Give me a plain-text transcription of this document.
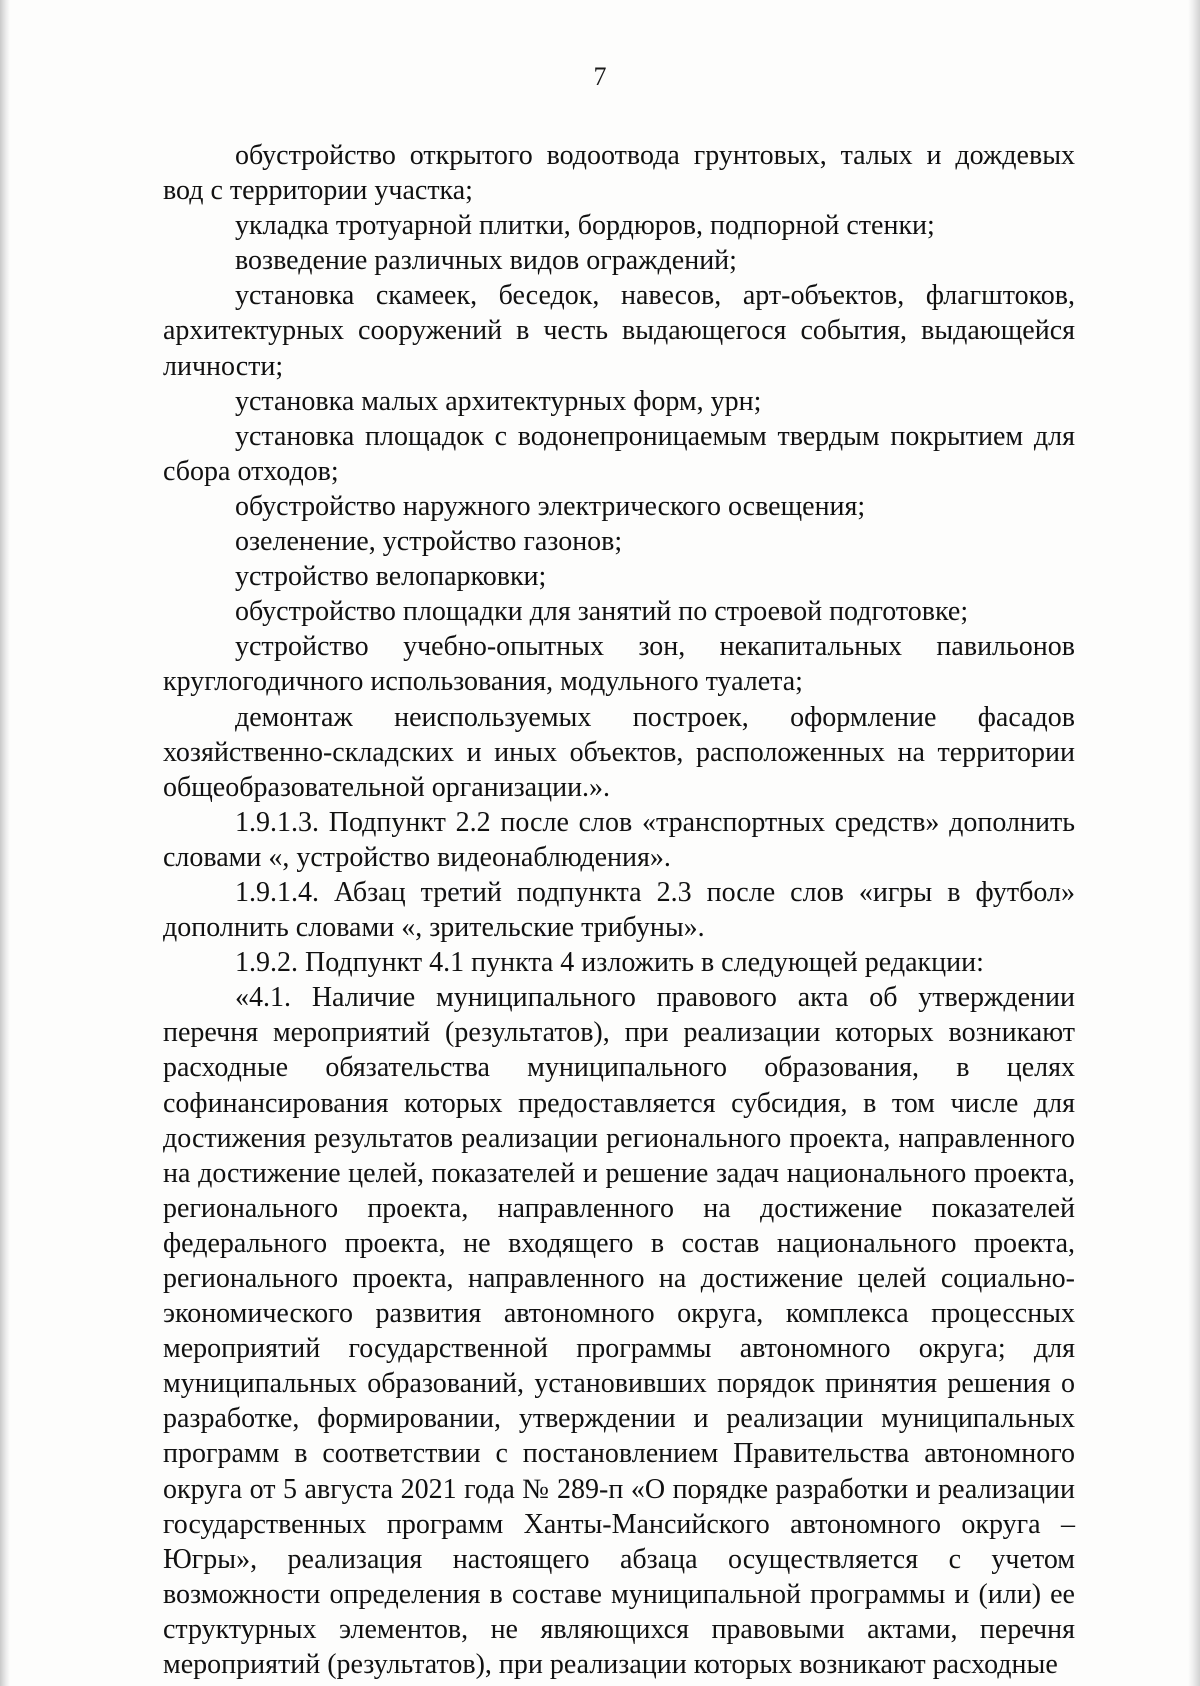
7

обустройство открытого водоотвода грунтовых, талых и дождевых вод с территории участка;

укладка тротуарной плитки, бордюров, подпорной стенки;

возведение различных видов ограждений;

установка скамеек, беседок, навесов, арт-объектов, флагштоков, архитектурных сооружений в честь выдающегося события, выдающейся личности;

установка малых архитектурных форм, урн;

установка площадок с водонепроницаемым твердым покрытием для сбора отходов;

обустройство наружного электрического освещения;

озеленение, устройство газонов;

устройство велопарковки;

обустройство площадки для занятий по строевой подготовке;

устройство учебно-опытных зон, некапитальных павильонов круглогодичного использования, модульного туалета;

демонтаж неиспользуемых построек, оформление фасадов хозяйственно-складских и иных объектов, расположенных на территории общеобразовательной организации.».

1.9.1.3. Подпункт 2.2 после слов «транспортных средств» дополнить словами «, устройство видеонаблюдения».

1.9.1.4. Абзац третий подпункта 2.3 после слов «игры в футбол» дополнить словами «, зрительские трибуны».

1.9.2. Подпункт 4.1 пункта 4 изложить в следующей редакции:

«4.1. Наличие муниципального правового акта об утверждении перечня мероприятий (результатов), при реализации которых возникают расходные обязательства муниципального образования, в целях софинансирования которых предоставляется субсидия, в том числе для достижения результатов реализации регионального проекта, направленного на достижение целей, показателей и решение задач национального проекта, регионального проекта, направленного на достижение показателей федерального проекта, не входящего в состав национального проекта, регионального проекта, направленного на достижение целей социально-экономического развития автономного округа, комплекса процессных мероприятий государственной программы автономного округа; для муниципальных образований, установивших порядок принятия решения о разработке, формировании, утверждении и реализации муниципальных программ в соответствии с постановлением Правительства автономного округа от 5 августа 2021 года № 289-п «О порядке разработки и реализации государственных программ Ханты-Мансийского автономного округа – Югры», реализация настоящего абзаца осуществляется с учетом возможности определения в составе муниципальной программы и (или) ее структурных элементов, не являющихся правовыми актами, перечня мероприятий (результатов), при реализации которых возникают расходные
